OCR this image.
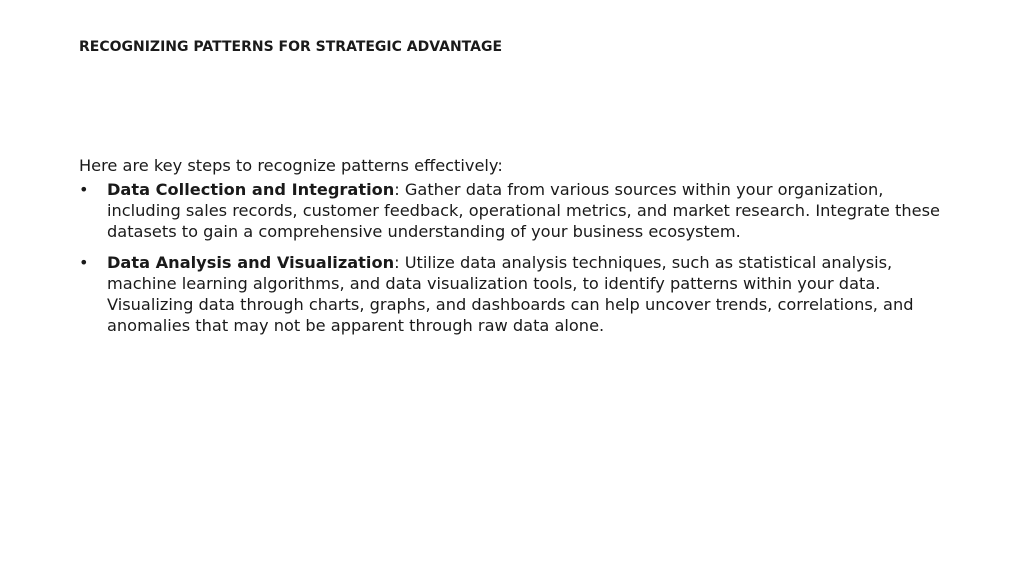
RECOGNIZING PATTERNS FOR STRATEGIC ADVANTAGE

Here are key steps to recognize patterns effectively:

• Data Collection and Integration: Gather data from various sources within your organization, including sales records, customer feedback, operational metrics, and market research. Integrate these datasets to gain a comprehensive understanding of your business ecosystem.
• Data Analysis and Visualization: Utilize data analysis techniques, such as statistical analysis, machine learning algorithms, and data visualization tools, to identify patterns within your data. Visualizing data through charts, graphs, and dashboards can help uncover trends, correlations, and anomalies that may not be apparent through raw data alone.
